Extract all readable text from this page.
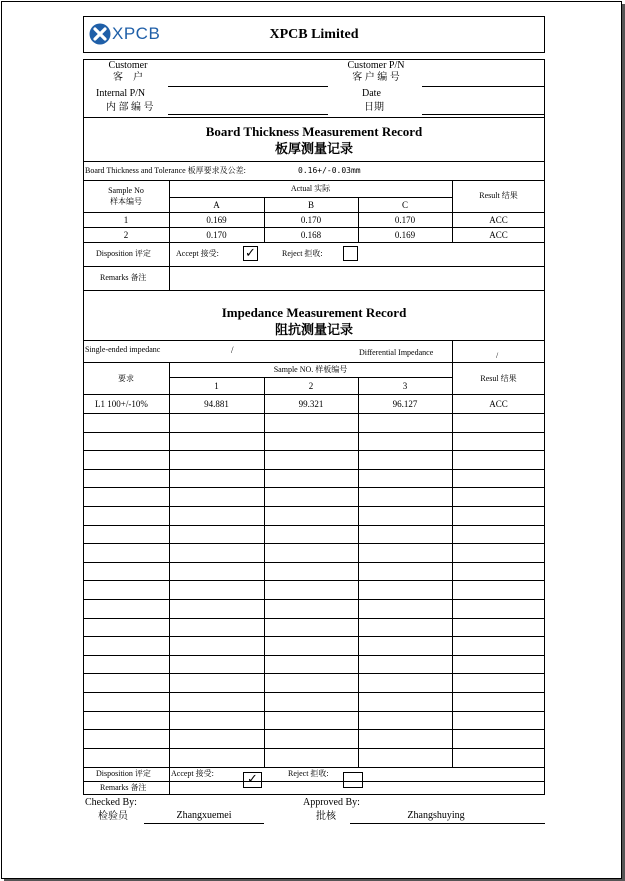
XPCB	XPCB Limited
Customer
客　户
Customer P/N
客 户 编 号
Internal P/N
内 部 编 号
Date
日期
Board Thickness Measurement Record
板厚测量记录
Board Thickness and Tolerance 板厚要求及公差:	0.16+/-0.03mm
Sample No
样本编号
Actual 实际
Result 结果
A	B	C
1	0.169	0.170	0.170	ACC
2	0.170	0.168	0.169	ACC
Disposition 评定	Accept 接受: ✓	Reject 拒收:
Remarks 备注
Impedance Measurement Record
阻抗测量记录
Single-ended impedanc	/	Differential Impedance	/
要求
Sample NO. 样板编号
Resul 结果
1	2	3
L1 100+/-10%	94.881	99.321	96.127	ACC
Disposition 评定	Accept 接受:	✓	Reject 拒收:
Remarks 备注
Checked By:
检验员	Zhangxuemei
Approved By:
批核	Zhangshuying
